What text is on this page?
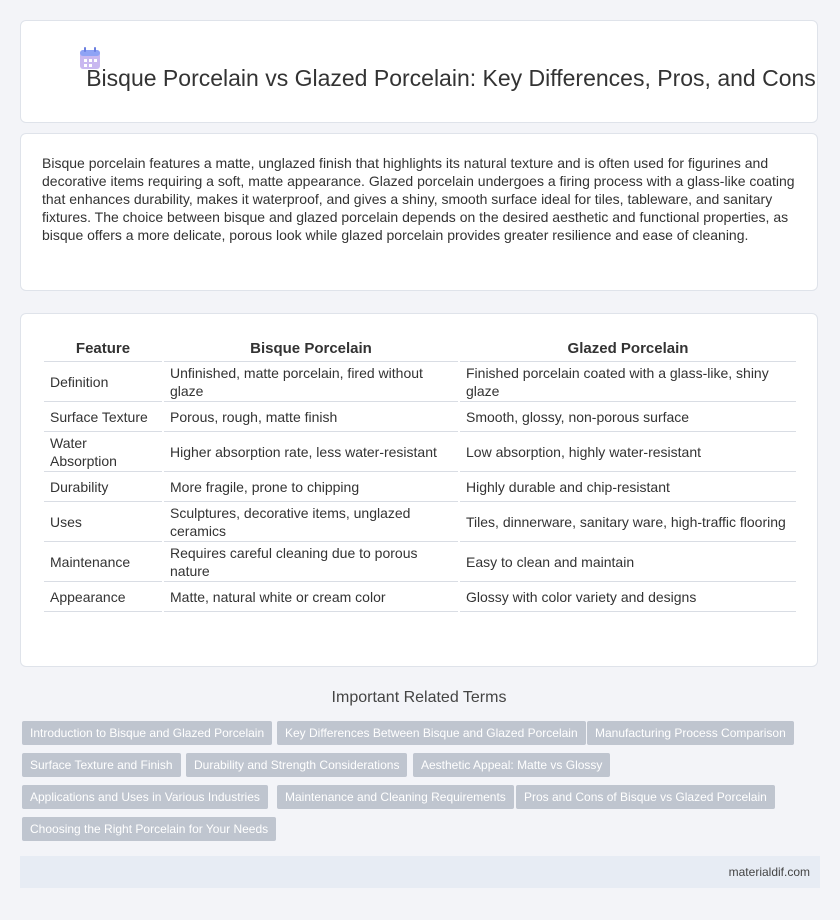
Bisque Porcelain vs Glazed Porcelain: Key Differences, Pros, and Cons

Bisque porcelain features a matte, unglazed finish that highlights its natural texture and is often used for figurines and decorative items requiring a soft, matte appearance. Glazed porcelain undergoes a firing process with a glass-like coating that enhances durability, makes it waterproof, and gives a shiny, smooth surface ideal for tiles, tableware, and sanitary fixtures. The choice between bisque and glazed porcelain depends on the desired aesthetic and functional properties, as bisque offers a more delicate, porous look while glazed porcelain provides greater resilience and ease of cleaning.

Feature	Bisque Porcelain	Glazed Porcelain
Definition	Unfinished, matte porcelain, fired without glaze	Finished porcelain coated with a glass-like, shiny glaze
Surface Texture	Porous, rough, matte finish	Smooth, glossy, non-porous surface
Water Absorption	Higher absorption rate, less water-resistant	Low absorption, highly water-resistant
Durability	More fragile, prone to chipping	Highly durable and chip-resistant
Uses	Sculptures, decorative items, unglazed ceramics	Tiles, dinnerware, sanitary ware, high-traffic flooring
Maintenance	Requires careful cleaning due to porous nature	Easy to clean and maintain
Appearance	Matte, natural white or cream color	Glossy with color variety and designs
Important Related Terms
Introduction to Bisque and Glazed Porcelain	Key Differences Between Bisque and Glazed Porcelain	Manufacturing Process Comparison
Surface Texture and Finish	Durability and Strength Considerations	Aesthetic Appeal: Matte vs Glossy
Applications and Uses in Various Industries	Maintenance and Cleaning Requirements	Pros and Cons of Bisque vs Glazed Porcelain
Choosing the Right Porcelain for Your Needs
materialdif.com
